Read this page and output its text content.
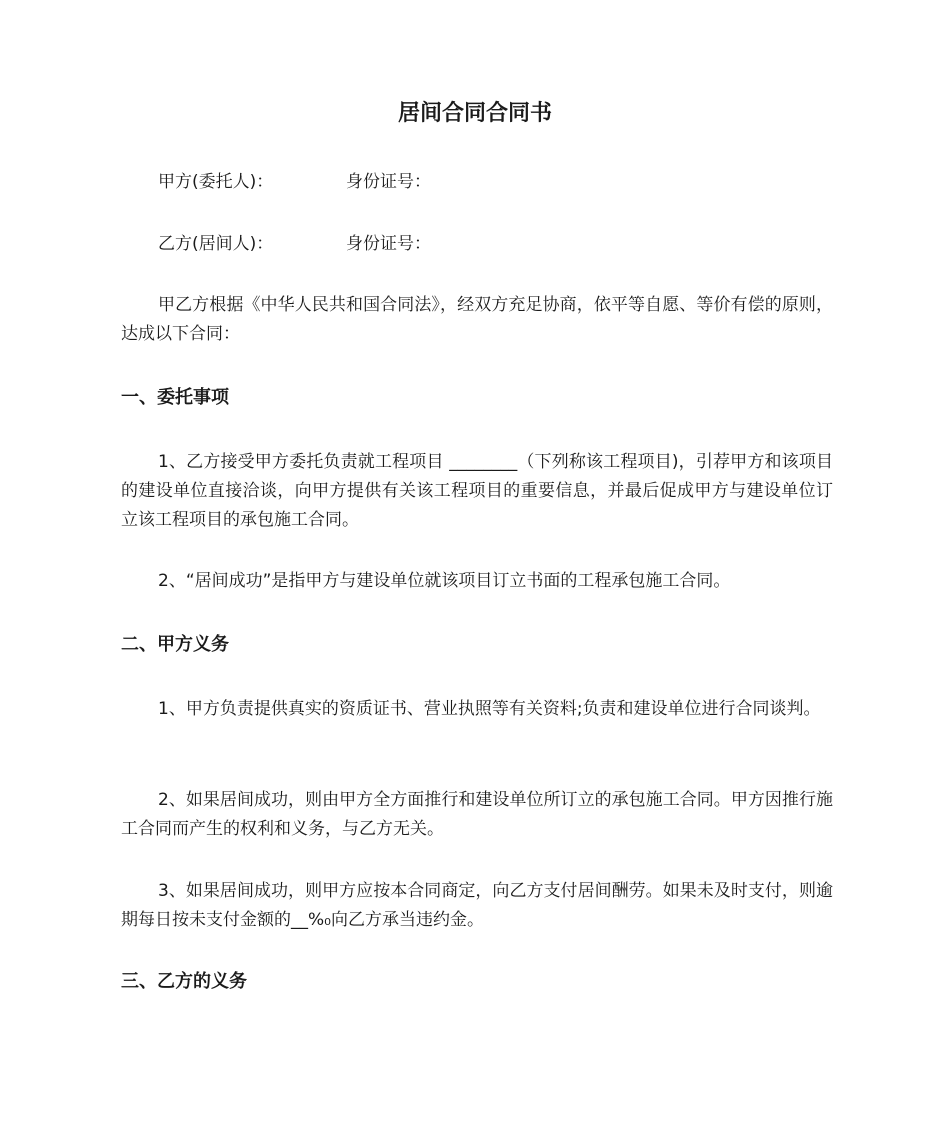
居间合同合同书
甲方(委托人)：	身份证号：
乙方(居间人)：	身份证号：

甲乙方根据《中华人民共和国合同法》，经双方充足协商，依平等自愿、等价有偿的原则，达成以下合同：

一、委托事项

1、乙方接受甲方委托负责就工程项目 ________（下列称该工程项目)，引荐甲方和该项目的建设单位直接洽谈，向甲方提供有关该工程项目的重要信息，并最后促成甲方与建设单位订立该工程项目的承包施工合同。

2、“居间成功”是指甲方与建设单位就该项目订立书面的工程承包施工合同。

二、甲方义务

1、甲方负责提供真实的资质证书、营业执照等有关资料;负责和建设单位进行合同谈判。

2、如果居间成功，则由甲方全方面推行和建设单位所订立的承包施工合同。甲方因推行施工合同而产生的权利和义务，与乙方无关。

3、如果居间成功，则甲方应按本合同商定，向乙方支付居间酬劳。如果未及时支付，则逾期每日按未支付金额的__%₀向乙方承当违约金。

三、乙方的义务
